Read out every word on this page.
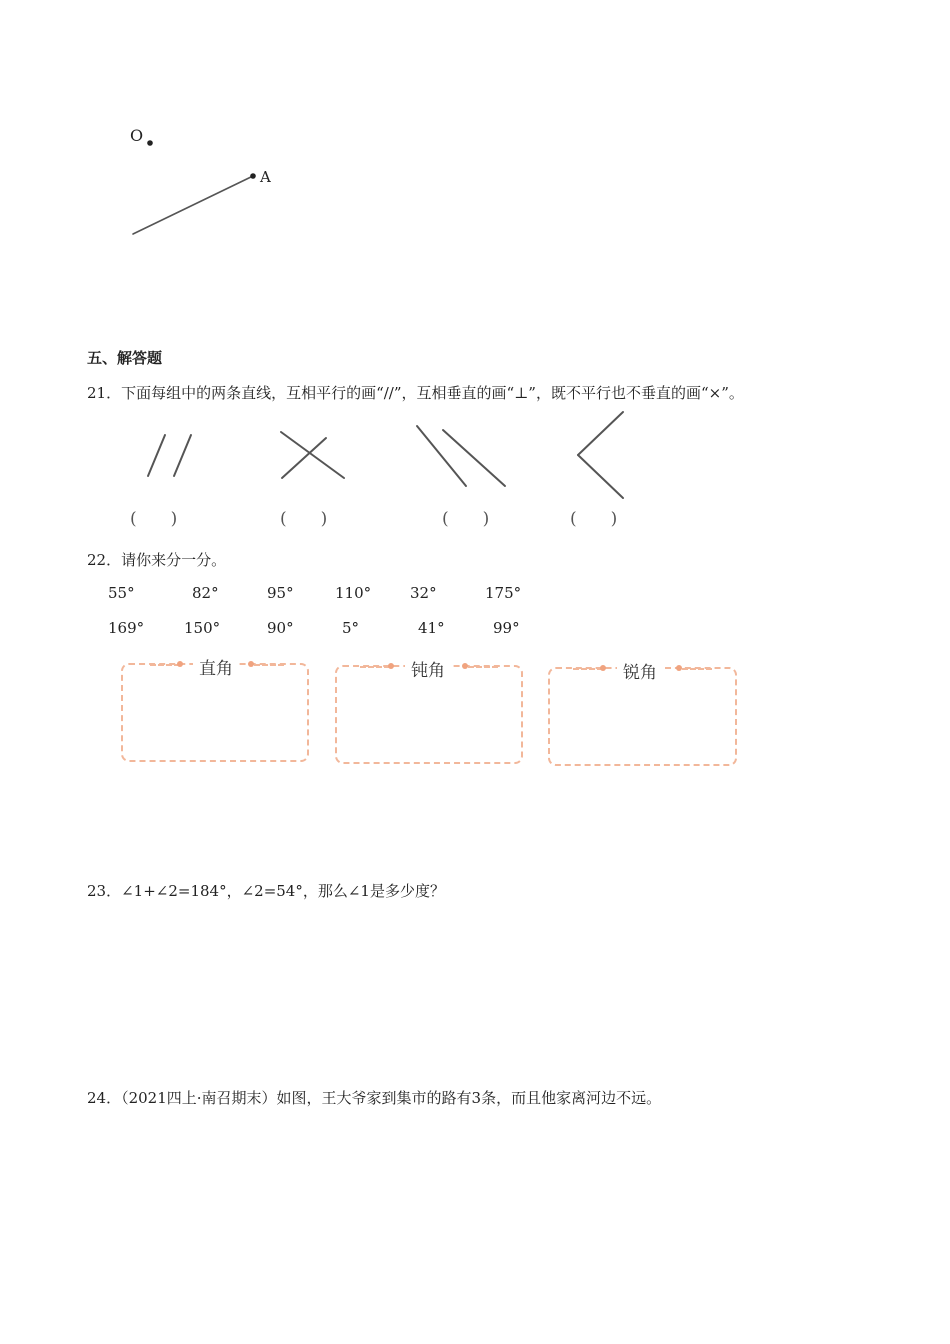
O
A
五、解答题
21．下面每组中的两条直线，互相平行的画“//”，互相垂直的画“⊥”，既不平行也不垂直的画“×”。
(　　)	(　　)	(　　)	(　　)
22．请你来分一分。
55°	82°	95°	110°	32°	175°
169°	150°	90°	5°	41°	99°
直角	钝角	锐角
23．∠1+∠2=184°，∠2=54°，那么∠1是多少度？
24．（2021四上·南召期末）如图，王大爷家到集市的路有3条，而且他家离河边不远。
